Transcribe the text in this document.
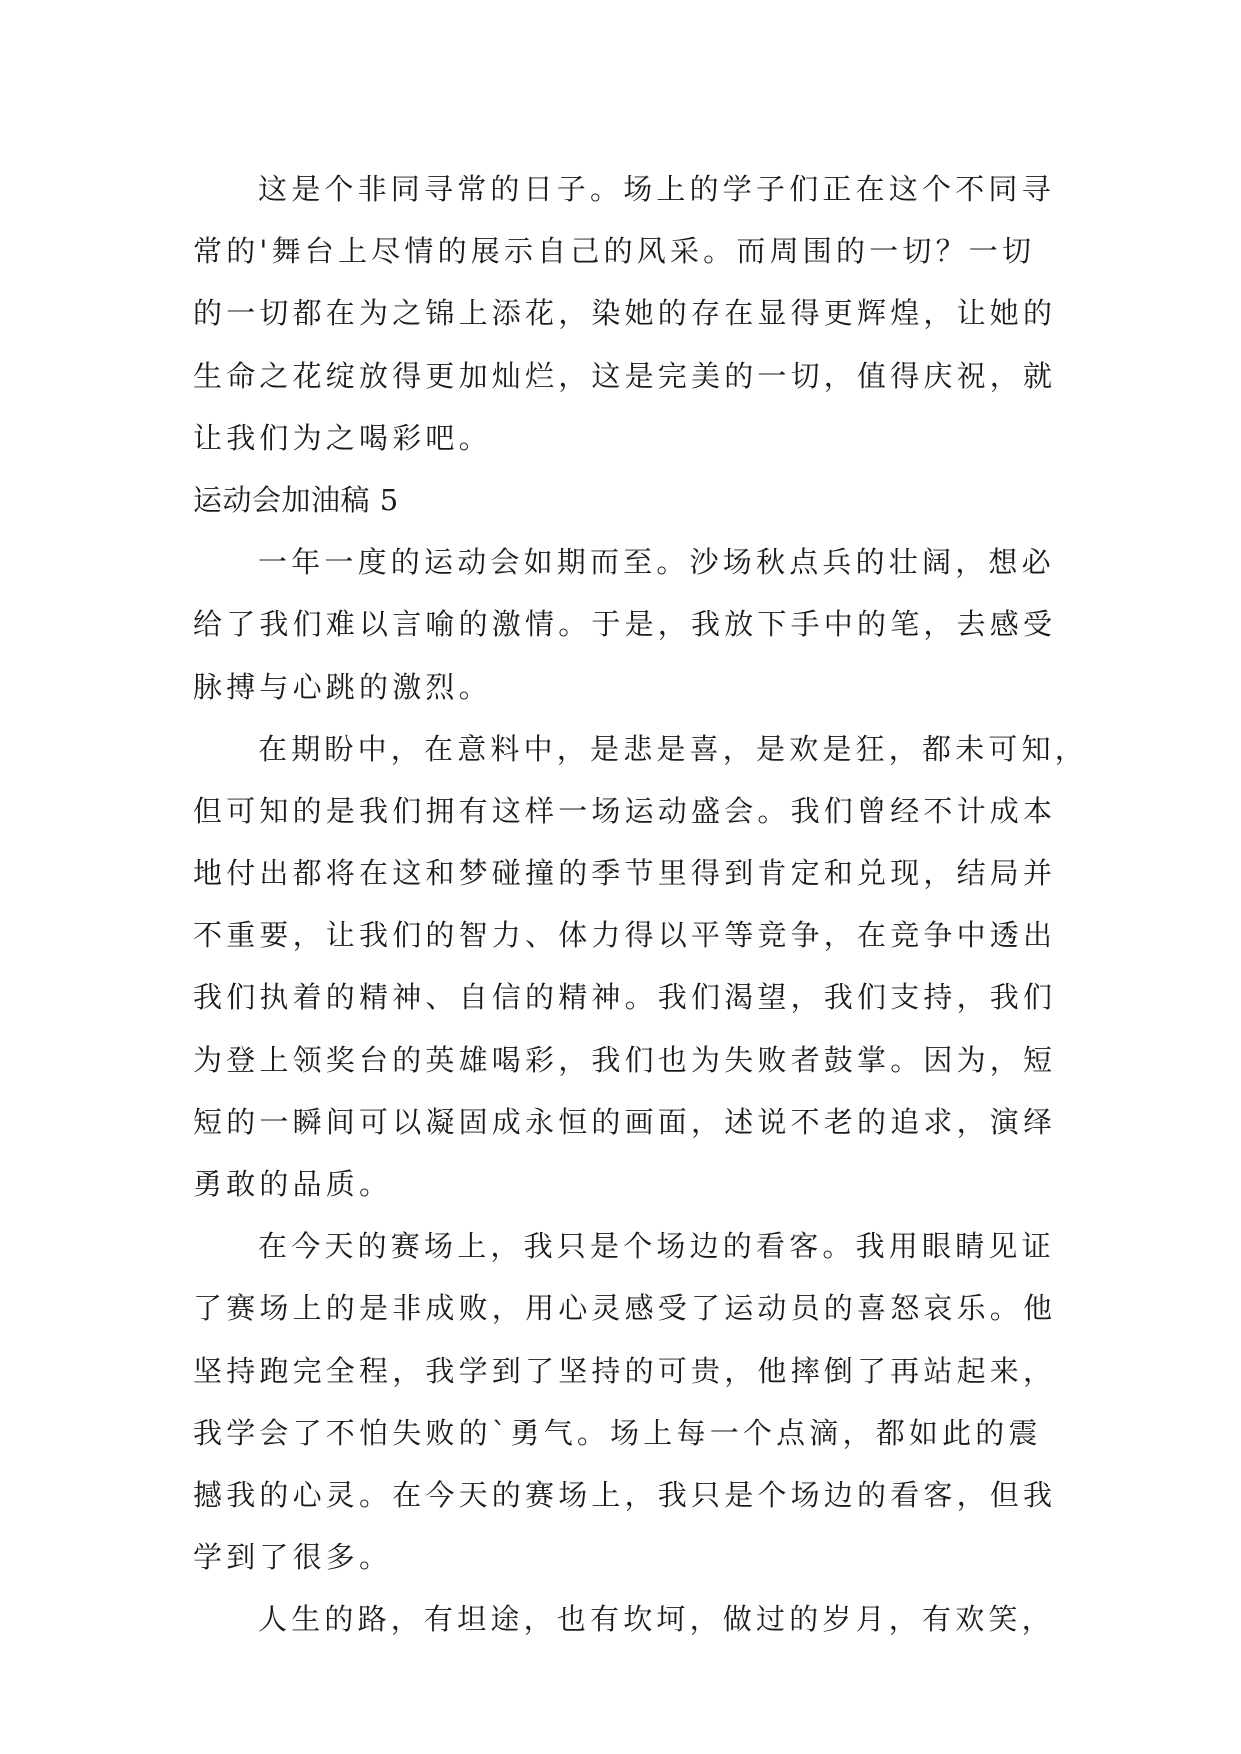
这是个非同寻常的日子。场上的学子们正在这个不同寻
常的'舞台上尽情的展示自己的风采。而周围的一切？一切
的一切都在为之锦上添花，染她的存在显得更辉煌，让她的
生命之花绽放得更加灿烂，这是完美的一切，值得庆祝，就
让我们为之喝彩吧。
运动会加油稿 5
一年一度的运动会如期而至。沙场秋点兵的壮阔，想必
给了我们难以言喻的激情。于是，我放下手中的笔，去感受
脉搏与心跳的激烈。
在期盼中，在意料中，是悲是喜，是欢是狂，都未可知，
但可知的是我们拥有这样一场运动盛会。我们曾经不计成本
地付出都将在这和梦碰撞的季节里得到肯定和兑现，结局并
不重要，让我们的智力、体力得以平等竞争，在竞争中透出
我们执着的精神、自信的精神。我们渴望，我们支持，我们
为登上领奖台的英雄喝彩，我们也为失败者鼓掌。因为，短
短的一瞬间可以凝固成永恒的画面，述说不老的追求，演绎
勇敢的品质。
在今天的赛场上，我只是个场边的看客。我用眼睛见证
了赛场上的是非成败，用心灵感受了运动员的喜怒哀乐。他
坚持跑完全程，我学到了坚持的可贵，他摔倒了再站起来，
我学会了不怕失败的`勇气。场上每一个点滴，都如此的震
撼我的心灵。在今天的赛场上，我只是个场边的看客，但我
学到了很多。
人生的路，有坦途，也有坎坷，做过的岁月，有欢笑，
